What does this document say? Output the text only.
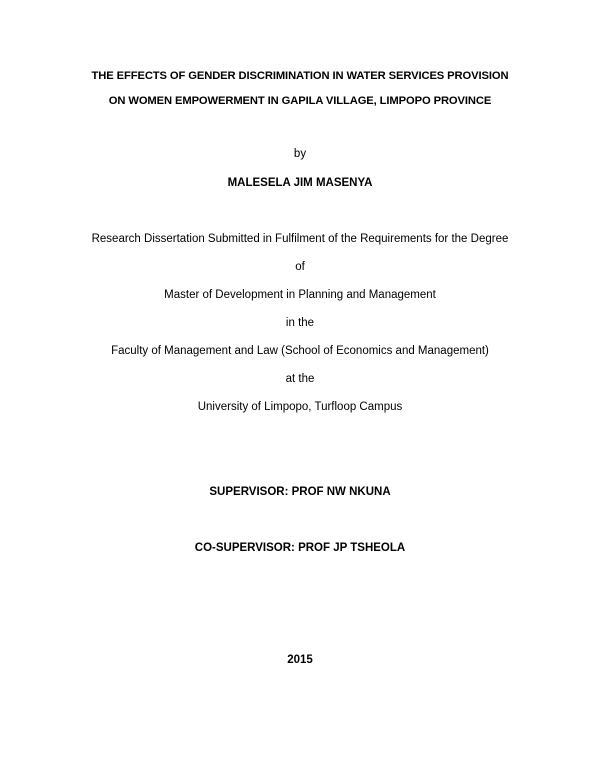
THE EFFECTS OF GENDER DISCRIMINATION IN WATER SERVICES PROVISION
ON WOMEN EMPOWERMENT IN GAPILA VILLAGE, LIMPOPO PROVINCE
by
MALESELA JIM MASENYA
Research Dissertation Submitted in Fulfilment of the Requirements for the Degree
of
Master of Development in Planning and Management
in the
Faculty of Management and Law (School of Economics and Management)
at the
University of Limpopo, Turfloop Campus
SUPERVISOR: PROF NW NKUNA
CO-SUPERVISOR: PROF JP TSHEOLA
2015
